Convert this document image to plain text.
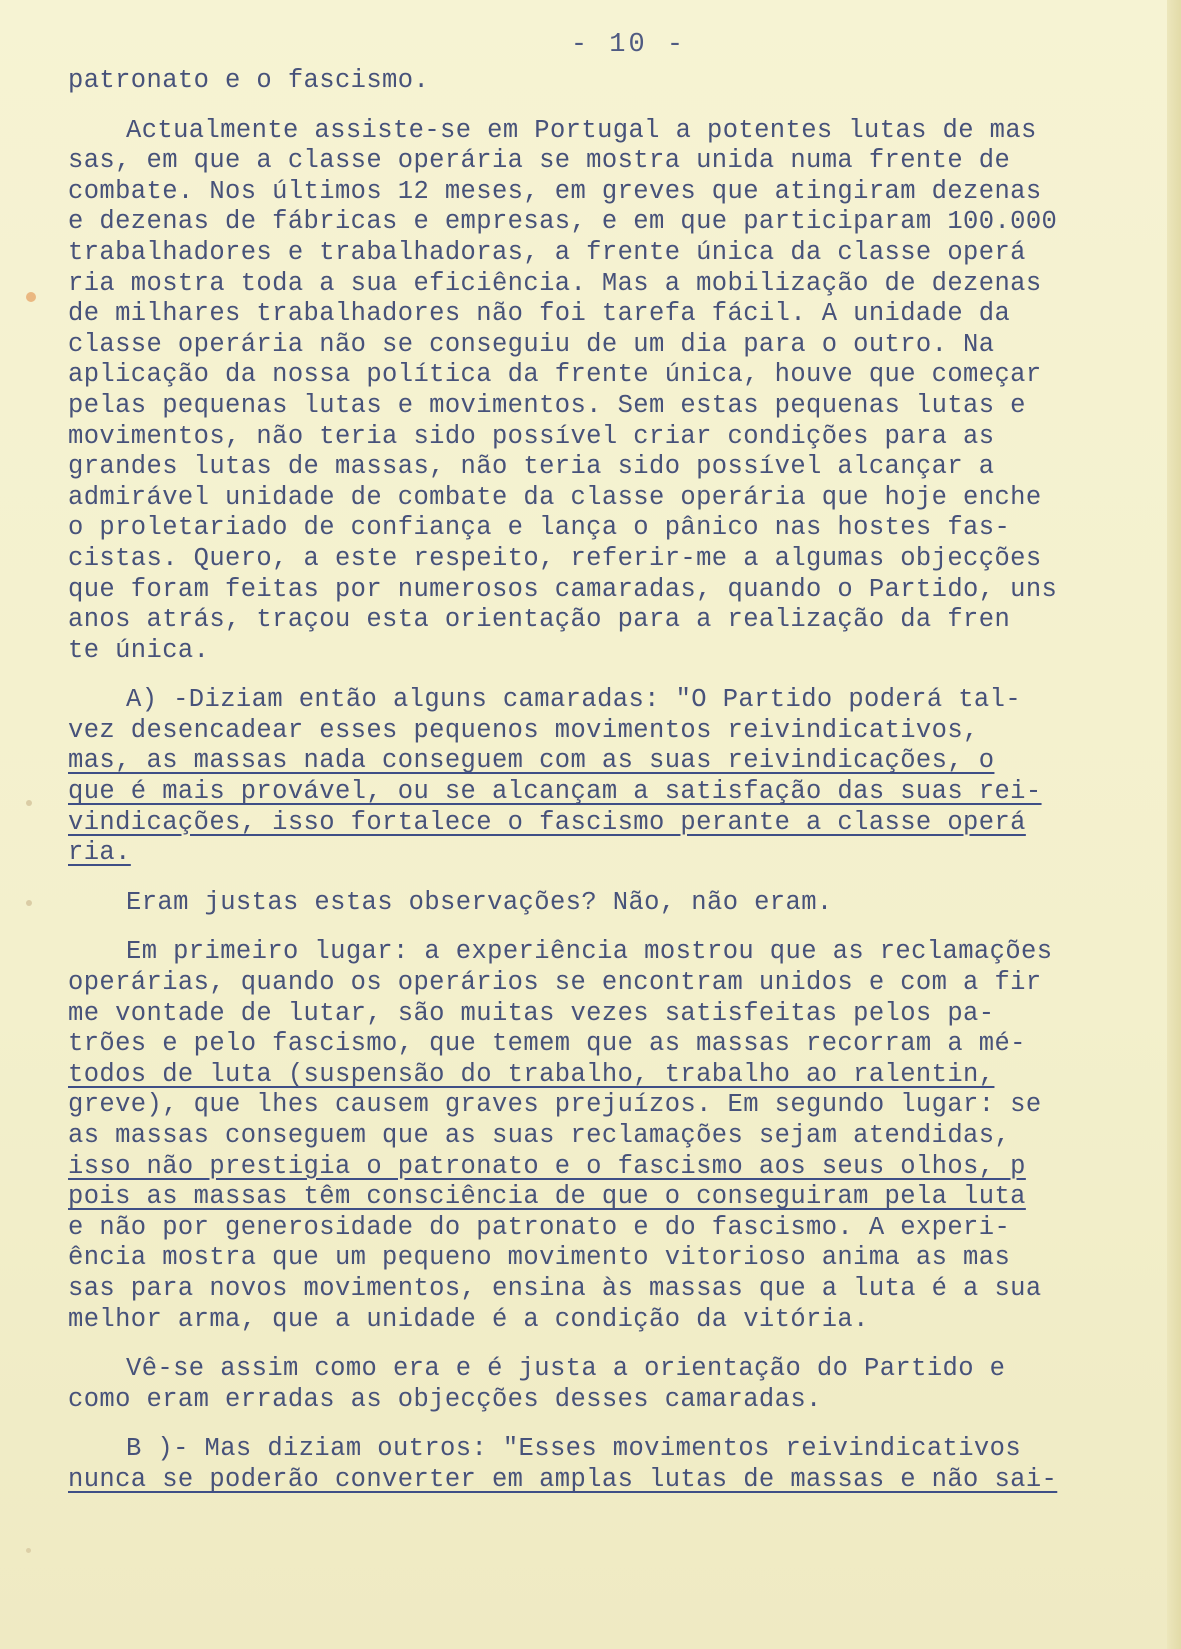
- 10 -

patronato e o fascismo.

Actualmente assiste-se em Portugal a potentes lutas de mas
sas, em que a classe operária se mostra unida numa frente de
combate. Nos últimos 12 meses, em greves que atingiram dezenas
e dezenas de fábricas e empresas, e em que participaram 100.000
trabalhadores e trabalhadoras, a frente única da classe operá
ria mostra toda a sua eficiência. Mas a mobilização de dezenas
de milhares trabalhadores não foi tarefa fácil. A unidade da
classe operária não se conseguiu de um dia para o outro. Na
aplicação da nossa política da frente única, houve que começar
pelas pequenas lutas e movimentos. Sem estas pequenas lutas e
movimentos, não teria sido possível criar condições para as
grandes lutas de massas, não teria sido possível alcançar a
admirável unidade de combate da classe operária que hoje enche
o proletariado de confiança e lança o pânico nas hostes fas-
cistas. Quero, a este respeito, referir-me a algumas objecções
que foram feitas por numerosos camaradas, quando o Partido, uns
anos atrás, traçou esta orientação para a realização da fren
te única.

A) -Diziam então alguns camaradas: "O Partido poderá tal-
vez desencadear esses pequenos movimentos reivindicativos,
mas, as massas nada conseguem com as suas reivindicações, o
que é mais provável, ou se alcançam a satisfação das suas rei-
vindicações, isso fortalece o fascismo perante a classe operá
ria.

Eram justas estas observações? Não, não eram.

Em primeiro lugar: a experiência mostrou que as reclamações
operárias, quando os operários se encontram unidos e com a fir
me vontade de lutar, são muitas vezes satisfeitas pelos pa-
trões e pelo fascismo, que temem que as massas recorram a mé-
todos de luta (suspensão do trabalho, trabalho ao ralentin,
greve), que lhes causem graves prejuízos. Em segundo lugar: se
as massas conseguem que as suas reclamações sejam atendidas,
isso não prestigia o patronato e o fascismo aos seus olhos, p
pois as massas têm consciência de que o conseguiram pela luta
e não por generosidade do patronato e do fascismo. A experi-
ência mostra que um pequeno movimento vitorioso anima as mas
sas para novos movimentos, ensina às massas que a luta é a sua
melhor arma, que a unidade é a condição da vitória.

Vê-se assim como era e é justa a orientação do Partido e
como eram erradas as objecções desses camaradas.

B )- Mas diziam outros: "Esses movimentos reivindicativos
nunca se poderão converter em amplas lutas de massas e não sai-
